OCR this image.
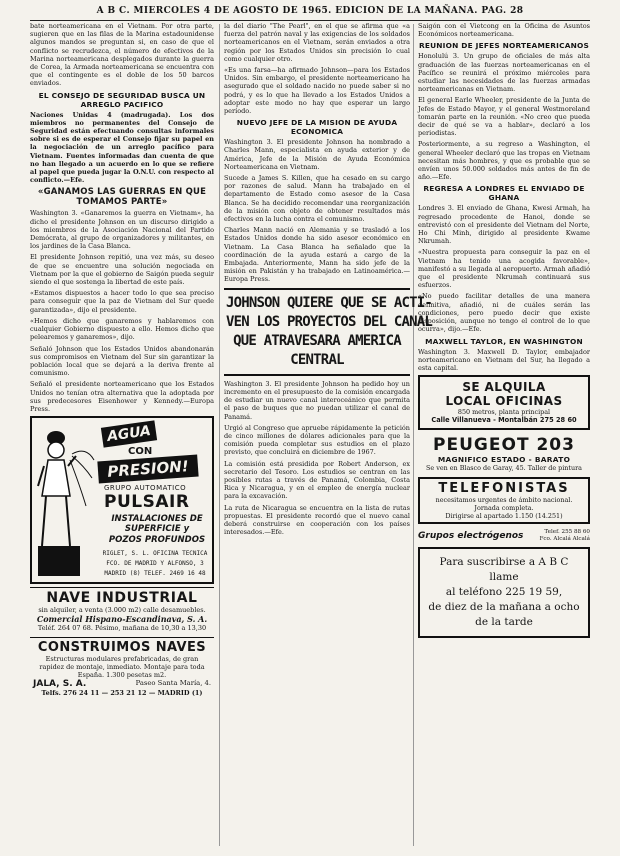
A B C. MIERCOLES 4 DE AGOSTO DE 1965. EDICION DE LA MAÑANA. PAG. 28

bate norteamericana en el Vietnam. Por otra parte, sugieren que en las filas de la Marina estadounidense algunos mandos se preguntan si, en caso de que el conflicto se recrudezca, el número de efectivos de la Marina norteamericana desplegados durante la guerra de Corea, la Armada norteamericana se encuentra con que el contingente es el doble de los 50 barcos enviados.

EL CONSEJO DE SEGURIDAD BUSCA UN ARREGLO PACIFICO

Naciones Unidas 4 (madrugada). Los dos miembros no permanentes del Consejo de Seguridad están efectuando consultas informales sobre si es de esperar el Consejo fijar su papel en la negociación de un arreglo pacífico para Vietnam. Fuentes informadas dan cuenta de que no han llegado a un acuerdo en lo que se refiere al papel que pueda jugar la O.N.U. con respecto al conflicto.—Efe.

«GANAMOS LAS GUERRAS EN QUE TOMAMOS PARTE»

Washington 3. «Ganaremos la guerra en Vietnam», ha dicho el presidente Johnson en un discurso dirigido a los miembros de la Asociación Nacional del Partido Demócrata, al grupo de organizadores y militantes, en los jardines de la Casa Blanca.

El presidente Johnson repitió, una vez más, su deseo de que se encuentre una solución negociada en Vietnam por la que el gobierno de Saigón pueda seguir siendo el que sostenga la libertad de este país.

«Estamos dispuestos a hacer todo lo que sea preciso para conseguir que la paz de Vietnam del Sur quede garantizada», dijo el presidente.

«Hemos dicho que ganaremos y hablaremos con cualquier Gobierno dispuesto a ello. Hemos dicho que pelearemos y ganaremos», dijo.

Señaló Johnson que los Estados Unidos abandonarán sus compromisos en Vietnam del Sur sin garantizar la población local que se dejará a la deriva frente al comunismo.

Señaló el presidente norteamericano que los Estados Unidos no tenían otra alternativa que la adoptada por sus predecesores Eisenhower y Kennedy.—Europa Press.

AGUA
CON
PRESION!
GRUPO AUTOMATICO
PULSAIR
INSTALACIONES DE
SUPERFICIE y
POZOS PROFUNDOS
RIGLET, S. L. OFICINA TECNICA
FCO. DE MADRID Y ALFONSO, 3
MADRID (8) TELEF. 2469 16 48
NAVE INDUSTRIAL
sin alquiler, a venta (3.000 m2) calle desamuebles.
Comercial Hispano-Escandinava, S. A.
Teléf. 264 07 68. Pésimo, mañana de 10,30 a 13,30
CONSTRUIMOS NAVES
Estructuras modulares prefabricadas, de gran rapidez de montaje, inmediato. Montaje para toda España. 1.300 pesetas m2.
JALA, S. A.	Paseo Santa María, 4.
Telfs. 276 24 11 — 253 21 12 — MADRID (1)

la del diario "The Pearl", en el que se afirma que «a fuerza del patrón naval y las exigencias de los soldados norteamericanos en el Vietnam, serán enviados a otra región por los Estados Unidos sin precisión lo cual como cualquier otro.

«Es una farsa—ha afirmado Johnson—para los Estados Unidos. Sin embargo, el presidente norteamericano ha asegurado que el soldado nacido no puede saber si no podrá, y es lo que ha llevado a los Estados Unidos a adoptar este modo no hay que esperar un largo período.

NUEVO JEFE DE LA MISION DE AYUDA ECONOMICA

Washington 3. El presidente Johnson ha nombrado a Charles Mann, especialista en ayuda exterior y de América, Jefe de la Misión de Ayuda Económica Norteamericana en Vietnam.

Sucede a James S. Killen, que ha cesado en su cargo por razones de salud. Mann ha trabajado en el departamento de Estado como asesor de la Casa Blanca. Se ha decidido recomendar una reorganización de la misión con objeto de obtener resultados más efectivos en la lucha contra el comunismo.

Charles Mann nació en Alemania y se trasladó a los Estados Unidos donde ha sido asesor económico en Vietnam. La Casa Blanca ha señalado que la coordinación de la ayuda estará a cargo de la Embajada. Anteriormente, Mann ha sido jefe de la misión en Pakistán y ha trabajado en Latinoamérica.—Europa Press.

JOHNSON QUIERE QUE SE ACTI-
VEN LOS PROYECTOS DEL CANAL
QUE ATRAVESARA AMERICA
CENTRAL

Washington 3. El presidente Johnson ha pedido hoy un incremento en el presupuesto de la comisión encargada de estudiar un nuevo canal interoceánico que permita el paso de buques que no puedan utilizar el canal de Panamá.

Urgió al Congreso que apruebe rápidamente la petición de cinco millones de dólares adicionales para que la comisión pueda completar sus estudios en el plazo previsto, que concluirá en diciembre de 1967.

La comisión está presidida por Robert Anderson, ex secretario del Tesoro. Los estudios se centran en las posibles rutas a través de Panamá, Colombia, Costa Rica y Nicaragua, y en el empleo de energía nuclear para la excavación.

La ruta de Nicaragua se encuentra en la lista de rutas propuestas. El presidente recordó que el nuevo canal deberá construirse en cooperación con los países interesados.—Efe.

Saigón con el Vietcong en la Oficina de Asuntos Económicos norteamericana.

REUNION DE JEFES NORTEAMERICANOS

Honolulú 3. Un grupo de oficiales de más alta graduación de las fuerzas norteamericanas en el Pacífico se reunirá el próximo miércoles para estudiar las necesidades de las fuerzas armadas norteamericanas en Vietnam.

El general Earle Wheeler, presidente de la Junta de Jefes de Estado Mayor, y el general Westmoreland tomarán parte en la reunión. «No creo que pueda decir de qué se va a hablar», declaró a los periodistas.

Posteriormente, a su regreso a Washington, el general Wheeler declaró que las tropas en Vietnam necesitan más hombres, y que es probable que se envíen unos 50.000 soldados más antes de fin de año.—Efe.

REGRESA A LONDRES EL ENVIADO DE GHANA

Londres 3. El enviado de Ghana, Kwesi Armah, ha regresado procedente de Hanoi, donde se entrevistó con el presidente del Vietnam del Norte, Ho Chi Minh, dirigido al presidente Kwame Nkrumah.

«Nuestra propuesta para conseguir la paz en el Vietnam ha tenido una acogida favorable», manifestó a su llegada al aeropuerto. Armah añadió que el presidente Nkrumah continuará sus esfuerzos.

«No puedo facilitar detalles de una manera definitiva, añadió, ni de cuáles serán las condiciones, pero puedo decir que existe disposición, aunque no tengo el control de lo que ocurra», dijo.—Efe.

MAXWELL TAYLOR, EN WASHINGTON

Washington 3. Maxwell D. Taylor, embajador norteamericano en Vietnam del Sur, ha llegado a esta capital.

SE ALQUILA
LOCAL OFICINAS
850 metros, planta principal
Calle Villanueva - Montalbán 275 28 60
PEUGEOT 203
MAGNIFICO ESTADO - BARATO
Se ven en Blasco de Garay, 45. Taller de pintura
TELEFONISTAS
necesitamos urgentes de ámbito nacional. Jornada completa.
Dirigirse al apartado 1.150 (14.251)
Grupos electrógenos	Telef. 255 88 60
Fco. Alcalá Alcalá
Para suscribirse a A B C llame
al teléfono 225 19 59,
de diez de la mañana a ocho
de la tarde
